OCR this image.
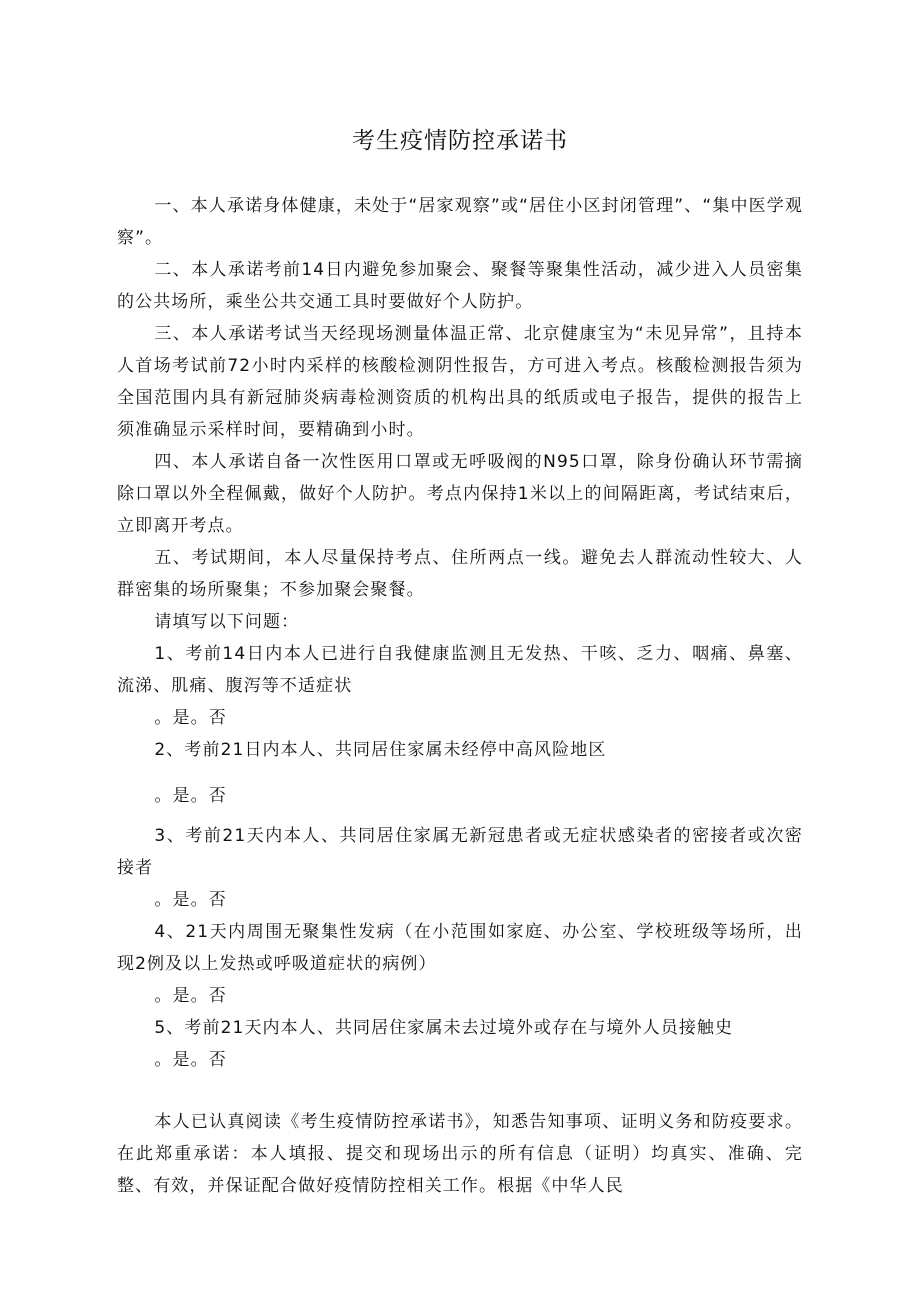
考生疫情防控承诺书

一、本人承诺身体健康，未处于“居家观察”或“居住小区封闭管理”、“集中医学观察”。

二、本人承诺考前14日内避免参加聚会、聚餐等聚集性活动，减少进入人员密集的公共场所，乘坐公共交通工具时要做好个人防护。

三、本人承诺考试当天经现场测量体温正常、北京健康宝为“未见异常”，且持本人首场考试前72小时内采样的核酸检测阴性报告，方可进入考点。核酸检测报告须为全国范围内具有新冠肺炎病毒检测资质的机构出具的纸质或电子报告，提供的报告上须准确显示采样时间，要精确到小时。

四、本人承诺自备一次性医用口罩或无呼吸阀的N95口罩，除身份确认环节需摘除口罩以外全程佩戴，做好个人防护。考点内保持1米以上的间隔距离，考试结束后，立即离开考点。

五、考试期间，本人尽量保持考点、住所两点一线。避免去人群流动性较大、人群密集的场所聚集；不参加聚会聚餐。

请填写以下问题：

1、考前14日内本人已进行自我健康监测且无发热、干咳、乏力、咽痛、鼻塞、流涕、肌痛、腹泻等不适症状

。是。否

2、考前21日内本人、共同居住家属未经停中高风险地区

。是。否

3、考前21天内本人、共同居住家属无新冠患者或无症状感染者的密接者或次密接者

。是。否

4、21天内周围无聚集性发病（在小范围如家庭、办公室、学校班级等场所，出现2例及以上发热或呼吸道症状的病例）

。是。否

5、考前21天内本人、共同居住家属未去过境外或存在与境外人员接触史

。是。否

本人已认真阅读《考生疫情防控承诺书》，知悉告知事项、证明义务和防疫要求。在此郑重承诺：本人填报、提交和现场出示的所有信息（证明）均真实、准确、完整、有效，并保证配合做好疫情防控相关工作。根据《中华人民
